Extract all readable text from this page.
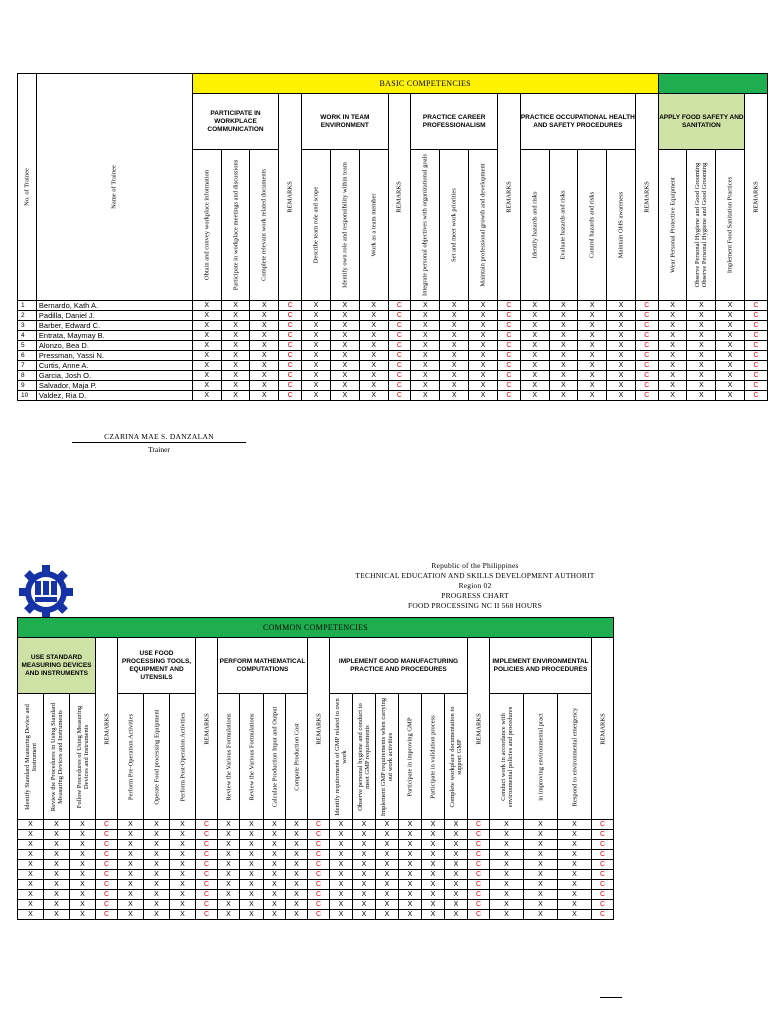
No. of Trainee	Name of Trainee	BASIC COMPETENCIES																				
		PARTICIPATE IN WORKPLACE COMMUNICATION			REMARKS	WORK IN TEAM ENVIRONMENT			REMARKS	PRACTICE CAREER PROFESSIONALISM			REMARKS	PRACTICE OCCUPATIONAL HEALTH AND SAFETY PROCEDURES				REMARKS	APPLY FOOD SAFETY AND SANITATION			REMARKS

		Obtain and convey workplace information	Participate in workplace meetings and discussions	Complete relevant work related documents		Describe team role and scope	Identify own role and responsibility within team	Work as a team member		Integrate personal objectives with organizational goals	Set and meet work priorities	Maintain professional growth and development		Identify hazards and risks	Evaluate hazards and risks	Control hazards and risks	Maintain OHS awareness		Wear Personal Protective Equipment	Observe Personal Hygiene and Good Grooming Observe Personal Hygiene and Good Grooming	Implement Food Sanitation Practices	

1	Bernardo, Kath A.	X	X	X	C	X	X	X	C	X	X	X	C	X	X	X	X	C	X	X	X	C
2	Padilla, Daniel J.	X	X	X	C	X	X	X	C	X	X	X	C	X	X	X	X	C	X	X	X	C
3	Barber, Edward C.	X	X	X	C	X	X	X	C	X	X	X	C	X	X	X	X	C	X	X	X	C
4	Entrata, Maymay B.	X	X	X	C	X	X	X	C	X	X	X	C	X	X	X	X	C	X	X	X	C
5	Alonzo, Bea D.	X	X	X	C	X	X	X	C	X	X	X	C	X	X	X	X	C	X	X	X	C
6	Pressman, Yassi N.	X	X	X	C	X	X	X	C	X	X	X	C	X	X	X	X	C	X	X	X	C
7	Curtis, Anne A.	X	X	X	C	X	X	X	C	X	X	X	C	X	X	X	X	C	X	X	X	C
8	Garcia, Josh O.	X	X	X	C	X	X	X	C	X	X	X	C	X	X	X	X	C	X	X	X	C
9	Salvador, Maja P.	X	X	X	C	X	X	X	C	X	X	X	C	X	X	X	X	C	X	X	X	C
10	Valdez, Ria D.	X	X	X	C	X	X	X	C	X	X	X	C	X	X	X	X	C	X	X	X	C
CZARINA MAE S. DANZALAN
Trainer
Republic of the Philippines
TECHNICAL EDUCATION AND SKILLS DEVELOPMENT AUTHORIT
Region 02
PROGRESS CHART
FOOD PROCESSING NC II 568 HOURS
COMMON COMPETENCIES																							
USE STANDARD MEASURING DEVICES AND INSTRUMENTS			REMARKS	USE FOOD PROCESSING TOOLS, EQUIPMENT AND UTENSILS			REMARKS	PERFORM MATHEMATICAL COMPUTATIONS				REMARKS	IMPLEMENT GOOD MANUFACTURING PRACTICE AND PROCEDURES						REMARKS	IMPLEMENT ENVIRONMENTAL POLICIES AND PROCEDURES			REMARKS

Identify Standard Measuring Device and Instrument	Review the Procedures in Using Standard Measuring Devices and Instruments	Follow Procedures of Using Measuring Devices and Instruments		Perform Pre-Operation Activities	Operate Food processing Equipment	Perform Post-Operation Activities		Review the Various Formulations	Review the Various Formulations	Calculate Production Input and Output	Compute Production Cost		Identify requirements of GMP related to own work	Observe personal hygiene and conduct to meet GMP requirements	Implement GMP requirements when carrying out work activities	Participate in improving GMP	Participate in validation process	Complete workplace documentation to support GMP		Conduct work in accordance with environmental policies and procedures	in improving environmental pract	Respond to environmental emergency	

X	X	X	C	X	X	X	C	X	X	X	X	C	X	X	X	X	X	X	C	X	X	X	C
X	X	X	C	X	X	X	C	X	X	X	X	C	X	X	X	X	X	X	C	X	X	X	C
X	X	X	C	X	X	X	C	X	X	X	X	C	X	X	X	X	X	X	C	X	X	X	C
X	X	X	C	X	X	X	C	X	X	X	X	C	X	X	X	X	X	X	C	X	X	X	C
X	X	X	C	X	X	X	C	X	X	X	X	C	X	X	X	X	X	X	C	X	X	X	C
X	X	X	C	X	X	X	C	X	X	X	X	C	X	X	X	X	X	X	C	X	X	X	C
X	X	X	C	X	X	X	C	X	X	X	X	C	X	X	X	X	X	X	C	X	X	X	C
X	X	X	C	X	X	X	C	X	X	X	X	C	X	X	X	X	X	X	C	X	X	X	C
X	X	X	C	X	X	X	C	X	X	X	X	C	X	X	X	X	X	X	C	X	X	X	C
X	X	X	C	X	X	X	C	X	X	X	X	C	X	X	X	X	X	X	C	X	X	X	C
